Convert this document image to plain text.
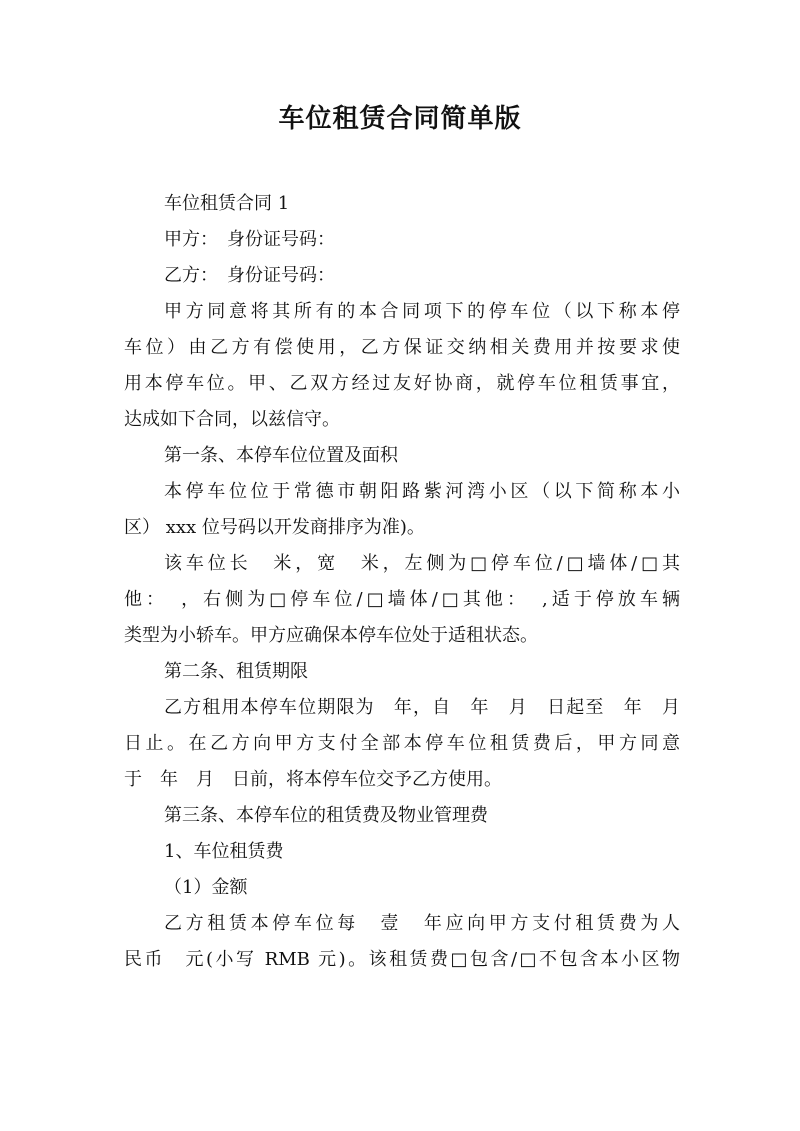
车位租赁合同简单版
车位租赁合同 1
甲方：　身份证号码：
乙方：　身份证号码：
甲方同意将其所有的本合同项下的停车位（以下称本停
车位）由乙方有偿使用，乙方保证交纳相关费用并按要求使
用本停车位。甲、乙双方经过友好协商，就停车位租赁事宜，
达成如下合同，以兹信守。
第一条、本停车位位置及面积
本停车位位于常德市朝阳路紫河湾小区（以下简称本小
区） xxx 位号码以开发商排序为准)。
该车位长　米，宽　米，左侧为□停车位/□墙体/□其
他：　，右侧为□停车位/□墙体/□其他：　,适于停放车辆
类型为小轿车。甲方应确保本停车位处于适租状态。
第二条、租赁期限
乙方租用本停车位期限为　年，自　年　月　日起至　年　月
日止。在乙方向甲方支付全部本停车位租赁费后，甲方同意
于　年　月　日前，将本停车位交予乙方使用。
第三条、本停车位的租赁费及物业管理费
1、车位租赁费
（1）金额
乙方租赁本停车位每　壹　年应向甲方支付租赁费为人
民币　元(小写 RMB 元)。该租赁费□包含/□不包含本小区物
